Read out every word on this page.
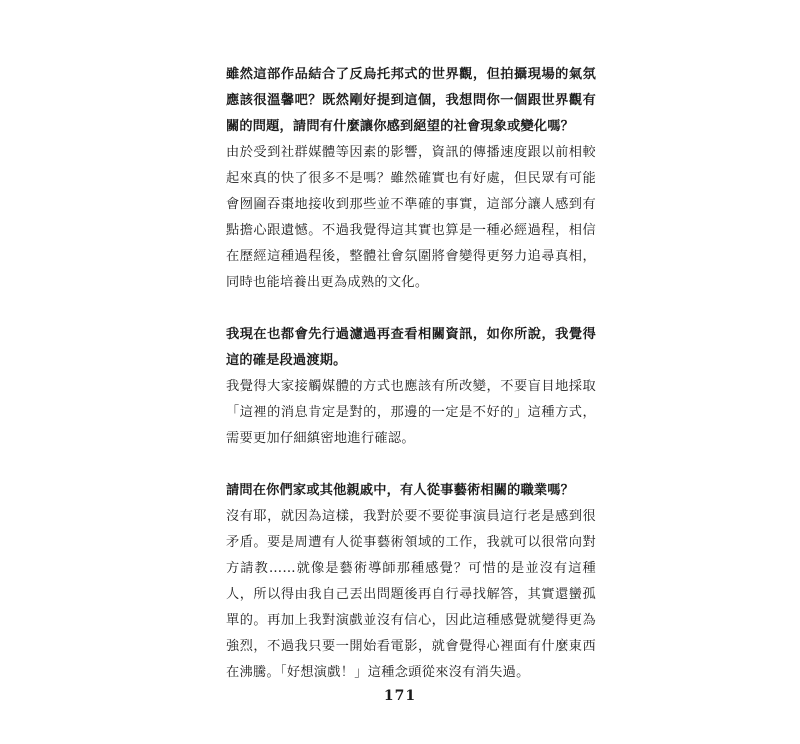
雖然這部作品結合了反烏托邦式的世界觀，但拍攝現場的氣氛應該很溫馨吧？既然剛好提到這個，我想問你一個跟世界觀有關的問題，請問有什麼讓你感到絕望的社會現象或變化嗎？

由於受到社群媒體等因素的影響，資訊的傳播速度跟以前相較起來真的快了很多不是嗎？雖然確實也有好處，但民眾有可能會囫圇吞棗地接收到那些並不準確的事實，這部分讓人感到有點擔心跟遺憾。不過我覺得這其實也算是一種必經過程，相信在歷經這種過程後，整體社會氛圍將會變得更努力追尋真相，同時也能培養出更為成熟的文化。

我現在也都會先行過濾過再查看相關資訊，如你所說，我覺得這的確是段過渡期。

我覺得大家接觸媒體的方式也應該有所改變，不要盲目地採取「這裡的消息肯定是對的，那邊的一定是不好的」這種方式，需要更加仔細縝密地進行確認。

請問在你們家或其他親戚中，有人從事藝術相關的職業嗎？

沒有耶，就因為這樣，我對於要不要從事演員這行老是感到很矛盾。要是周遭有人從事藝術領域的工作，我就可以很常向對方請教……就像是藝術導師那種感覺？可惜的是並沒有這種人，所以得由我自己丟出問題後再自行尋找解答，其實還蠻孤單的。再加上我對演戲並沒有信心，因此這種感覺就變得更為強烈，不過我只要一開始看電影，就會覺得心裡面有什麼東西在沸騰。「好想演戲！」這種念頭從來沒有消失過。

171
